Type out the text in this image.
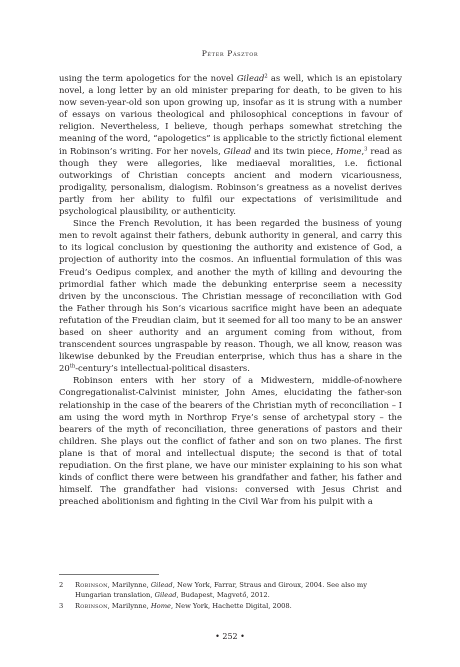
Péter Pásztor

using the term apologetics for the novel Gilead$^2$ as well, which is an epistolary novel, a long letter by an old minister preparing for death, to be given to his now seven-year-old son upon growing up, insofar as it is strung with a number of essays on various theological and philosophical conceptions in favour of religion. Nevertheless, I believe, though perhaps somewhat stretching the meaning of the word, “apologetics” is applicable to the strictly fictional element in Robinson’s writing. For her novels, Gilead and its twin piece, Home,$^3$ read as though they were allegories, like mediaeval moralities, i.e. fictional outworkings of Christian concepts ancient and modern vicariousness, prodigality, personalism, dialogism. Robinson’s greatness as a novelist derives partly from her ability to fulfil our expectations of verisimilitude and psychological plausibility, or authenticity.

Since the French Revolution, it has been regarded the business of young men to revolt against their fathers, debunk authority in general, and carry this to its logical conclusion by questioning the authority and existence of God, a projection of authority into the cosmos. An influential formulation of this was Freud’s Oedipus complex, and another the myth of killing and devouring the primordial father which made the debunking enterprise seem a necessity driven by the unconscious. The Christian message of reconciliation with God the Father through his Son’s vicarious sacrifice might have been an adequate refutation of the Freudian claim, but it seemed for all too many to be an answer based on sheer authority and an argument coming from without, from transcendent sources ungraspable by reason. Though, we all know, reason was likewise debunked by the Freudian enterprise, which thus has a share in the 20th-century’s intellectual-political disasters.

Robinson enters with her story of a Midwestern, middle-of-nowhere Congregationalist-Calvinist minister, John Ames, elucidating the father-son relationship in the case of the bearers of the Christian myth of reconciliation – I am using the word myth in Northrop Frye’s sense of archetypal story – the bearers of the myth of reconciliation, three generations of pastors and their children. She plays out the conflict of father and son on two planes. The first plane is that of moral and intellectual dispute; the second is that of total repudiation. On the first plane, we have our minister explaining to his son what kinds of conflict there were between his grandfather and father, his father and himself. The grandfather had visions: conversed with Jesus Christ and preached abolitionism and fighting in the Civil War from his pulpit with a

2 Robinson, Marilynne, Gilead, New York, Farrar, Straus and Giroux, 2004. See also my Hungarian translation, Gilead, Budapest, Magvető, 2012.
3 Robinson, Marilynne, Home, New York, Hachette Digital, 2008.
• 252 •
